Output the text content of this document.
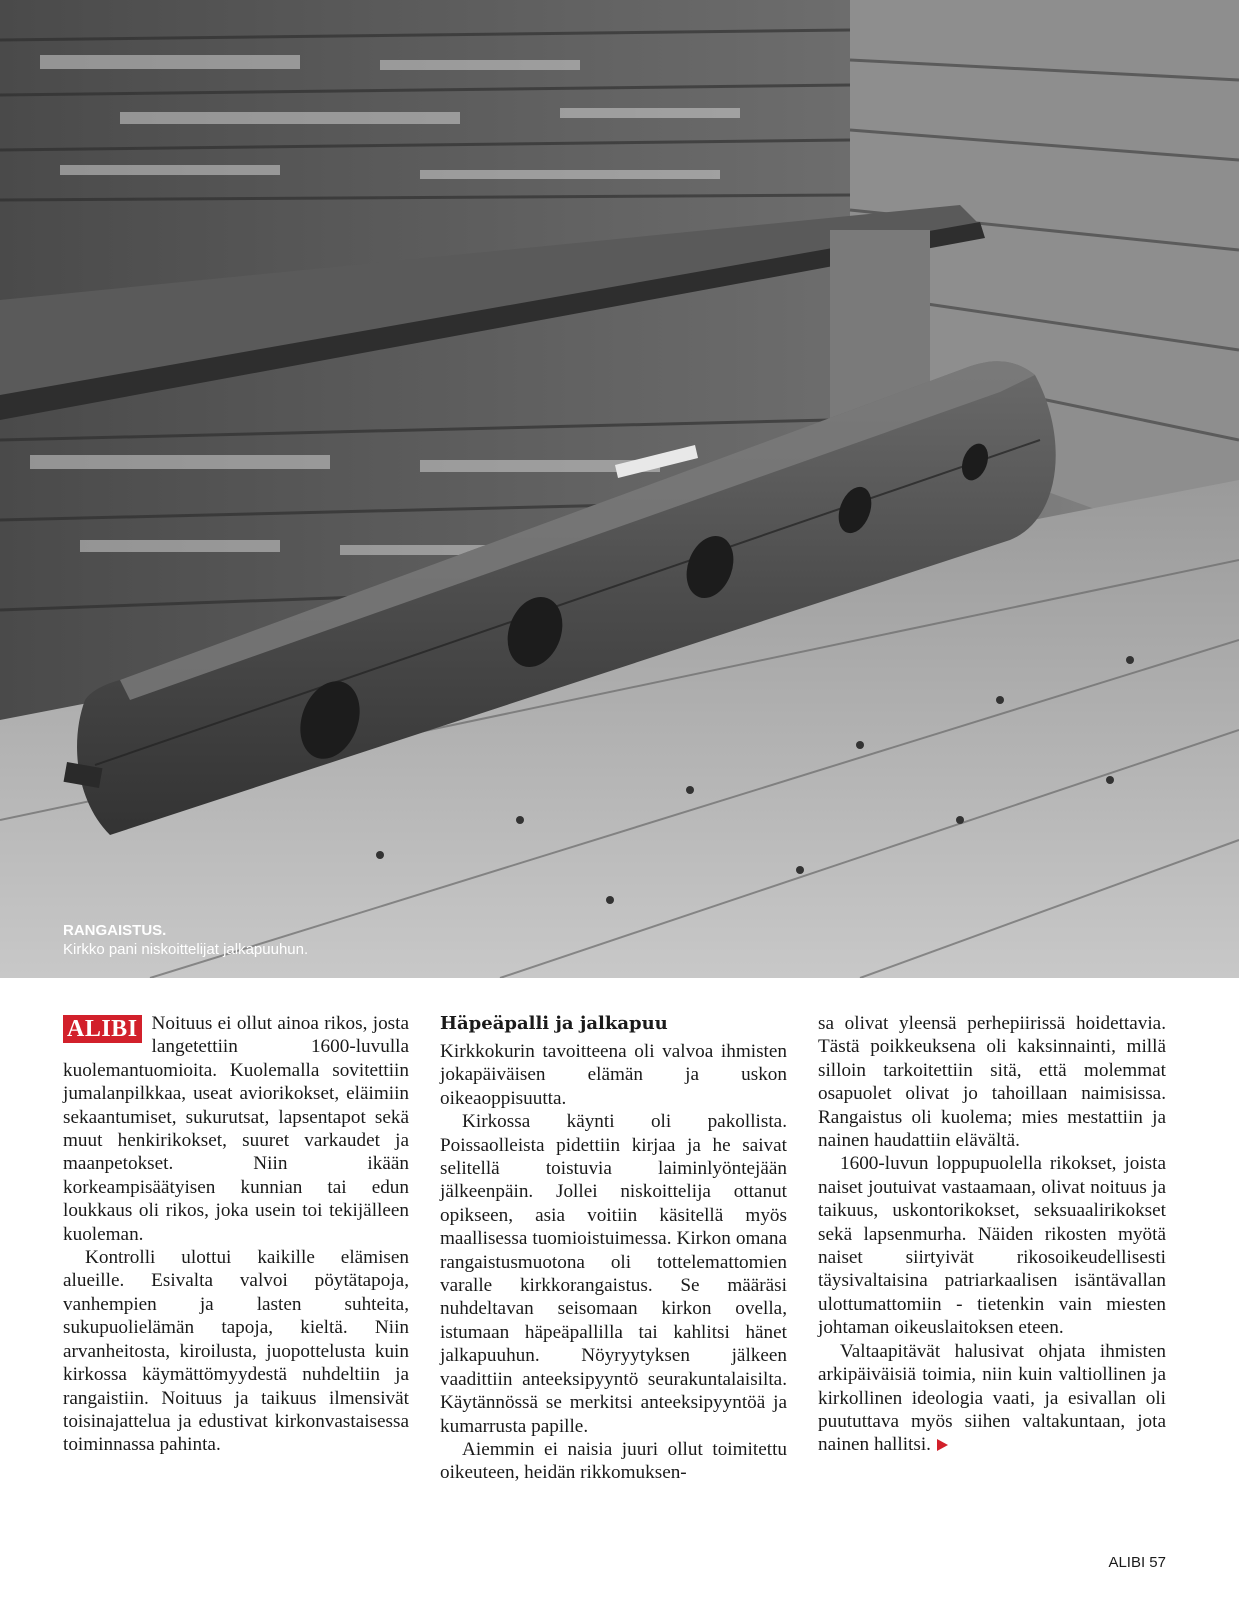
RANGAISTUS.
Kirkko pani niskoittelijat jalkapuuhun.
ALIBI Noituus ei ollut ainoa rikos, josta langetettiin 1600-luvulla kuolemantuomioita. Kuolemalla sovitettiin jumalanpilkkaa, useat aviorikokset, eläimiin sekaantumiset, sukurutsat, lapsentapot sekä muut henkirikokset, suuret varkaudet ja maanpetokset. Niin ikään korkeampisäätyisen kunnian tai edun loukkaus oli rikos, joka usein toi tekijälleen kuoleman.

Kontrolli ulottui kaikille elämisen alueille. Esivalta valvoi pöytätapoja, vanhempien ja lasten suhteita, sukupuolielämän tapoja, kieltä. Niin arvanheitosta, kiroilusta, juopottelusta kuin kirkossa käymättömyydestä nuhdeltiin ja rangaistiin. Noituus ja taikuus ilmensivät toisinajattelua ja edustivat kirkonvastaisessa toiminnassa pahinta.

Häpeäpalli ja jalkapuu

Kirkkokurin tavoitteena oli valvoa ihmisten jokapäiväisen elämän ja uskon oikeaoppisuutta.

Kirkossa käynti oli pakollista. Poissaolleista pidettiin kirjaa ja he saivat selitellä toistuvia laiminlyöntejään jälkeenpäin. Jollei niskoittelija ottanut opikseen, asia voitiin käsitellä myös maallisessa tuomioistuimessa. Kirkon omana rangaistusmuotona oli tottelemattomien varalle kirkkorangaistus. Se määräsi nuhdeltavan seisomaan kirkon ovella, istumaan häpeäpallilla tai kahlitsi hänet jalkapuuhun. Nöyryytyksen jälkeen vaadittiin anteeksipyyntö seurakuntalaisilta. Käytännössä se merkitsi anteeksipyyntöä ja kumarrusta papille.

Aiemmin ei naisia juuri ollut toimitettu oikeuteen, heidän rikkomuksen-

sa olivat yleensä perhepiirissä hoidettavia. Tästä poikkeuksena oli kaksinnainti, millä silloin tarkoitettiin sitä, että molemmat osapuolet olivat jo tahoillaan naimisissa. Rangaistus oli kuolema; mies mestattiin ja nainen haudattiin elävältä.

1600-luvun loppupuolella rikokset, joista naiset joutuivat vastaamaan, olivat noituus ja taikuus, uskontorikokset, seksuaalirikokset sekä lapsenmurha. Näiden rikosten myötä naiset siirtyivät rikosoikeudellisesti täysivaltaisina patriarkaalisen isäntävallan ulottumattomiin - tietenkin vain miesten johtaman oikeuslaitoksen eteen.

Valtaapitävät halusivat ohjata ihmisten arkipäiväisiä toimia, niin kuin valtiollinen ja kirkollinen ideologia vaati, ja esivallan oli puututtava myös siihen valtakuntaan, jota nainen hallitsi.

ALIBI 57
